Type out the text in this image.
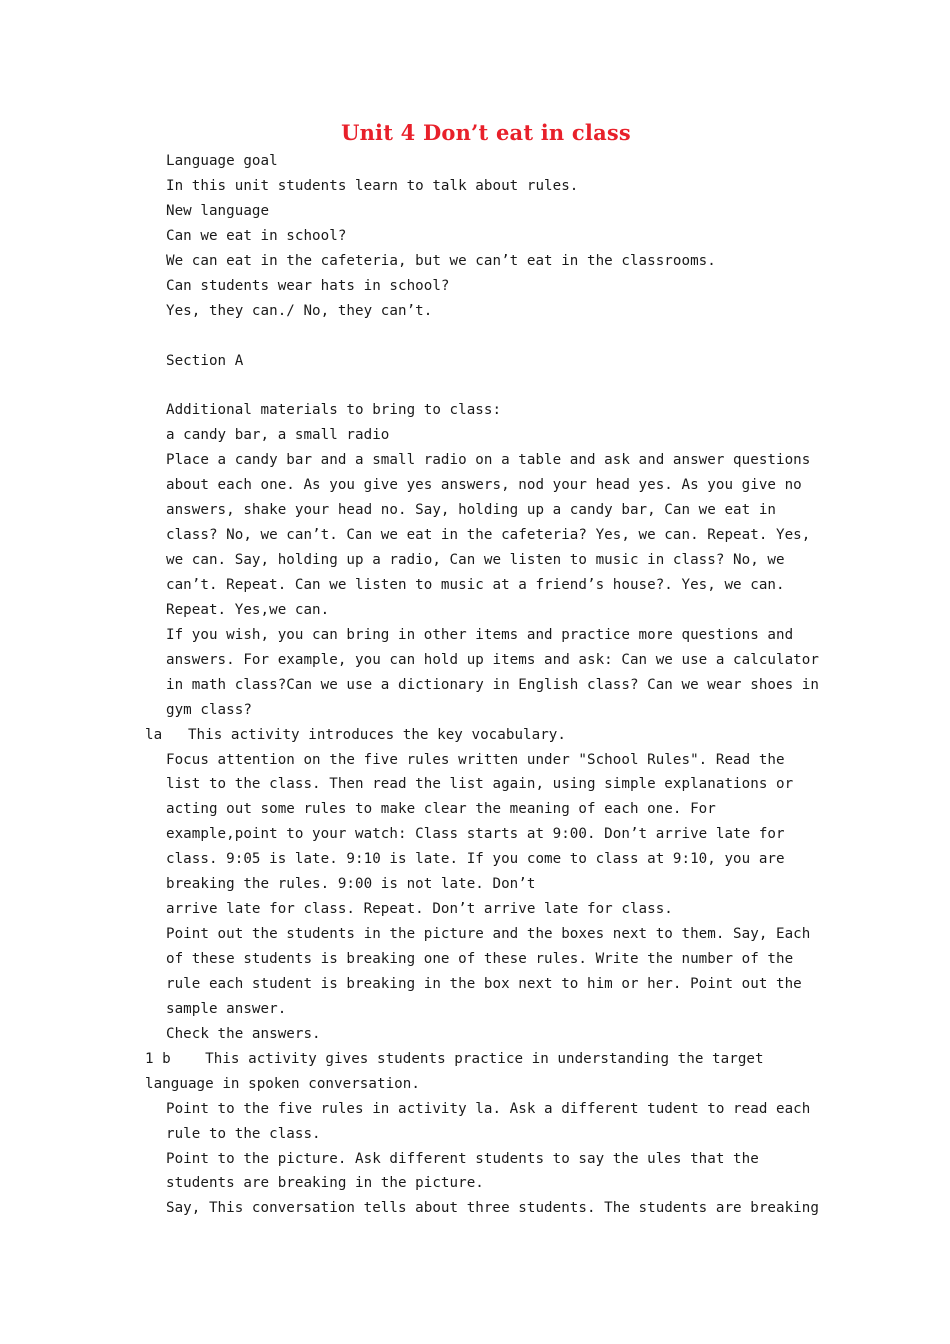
Unit 4 Don’t eat in class
Language goal
In this unit students learn to talk about rules.
New language
Can we eat in school?
We can eat in the cafeteria, but we can’t eat in the classrooms.
Can students wear hats in school?
Yes, they can./ No, they can’t.
Section A
Additional materials to bring to class:
a candy bar, a small radio
Place a candy bar and a small radio on a table and ask and answer questions
about each one. As you give yes answers, nod your head yes. As you give no
answers, shake your head no. Say, holding up a candy bar, Can we eat in
class? No, we can’t. Can we eat in the cafeteria? Yes, we can. Repeat. Yes,
we can. Say, holding up a radio, Can we listen to music in class? No, we
can’t. Repeat. Can we listen to music at a friend’s house?. Yes, we can.
Repeat. Yes,we can.
If you wish, you can bring in other items and practice more questions and
answers. For example, you can hold up items and ask: Can we use a calculator
in math class?Can we use a dictionary in English class? Can we wear shoes in
gym class?
la   This activity introduces the key vocabulary.
Focus attention on the five rules written under "School Rules". Read the
list to the class. Then read the list again, using simple explanations or
acting out some rules to make clear the meaning of each one. For
example,point to your watch: Class starts at 9:00. Don’t arrive late for
class. 9:05 is late. 9:10 is late. If you come to class at 9:10, you are
breaking the rules. 9:00 is not late. Don’t
arrive late for class. Repeat. Don’t arrive late for class.
Point out the students in the picture and the boxes next to them. Say, Each
of these students is breaking one of these rules. Write the number of the
rule each student is breaking in the box next to him or her. Point out the
sample answer.
Check the answers.
1 b    This activity gives students practice in understanding the target
language in spoken conversation.
Point to the five rules in activity la. Ask a different tudent to read each
rule to the class.
Point to the picture. Ask different students to say the ules that the
students are breaking in the picture.
Say, This conversation tells about three students. The students are breaking
